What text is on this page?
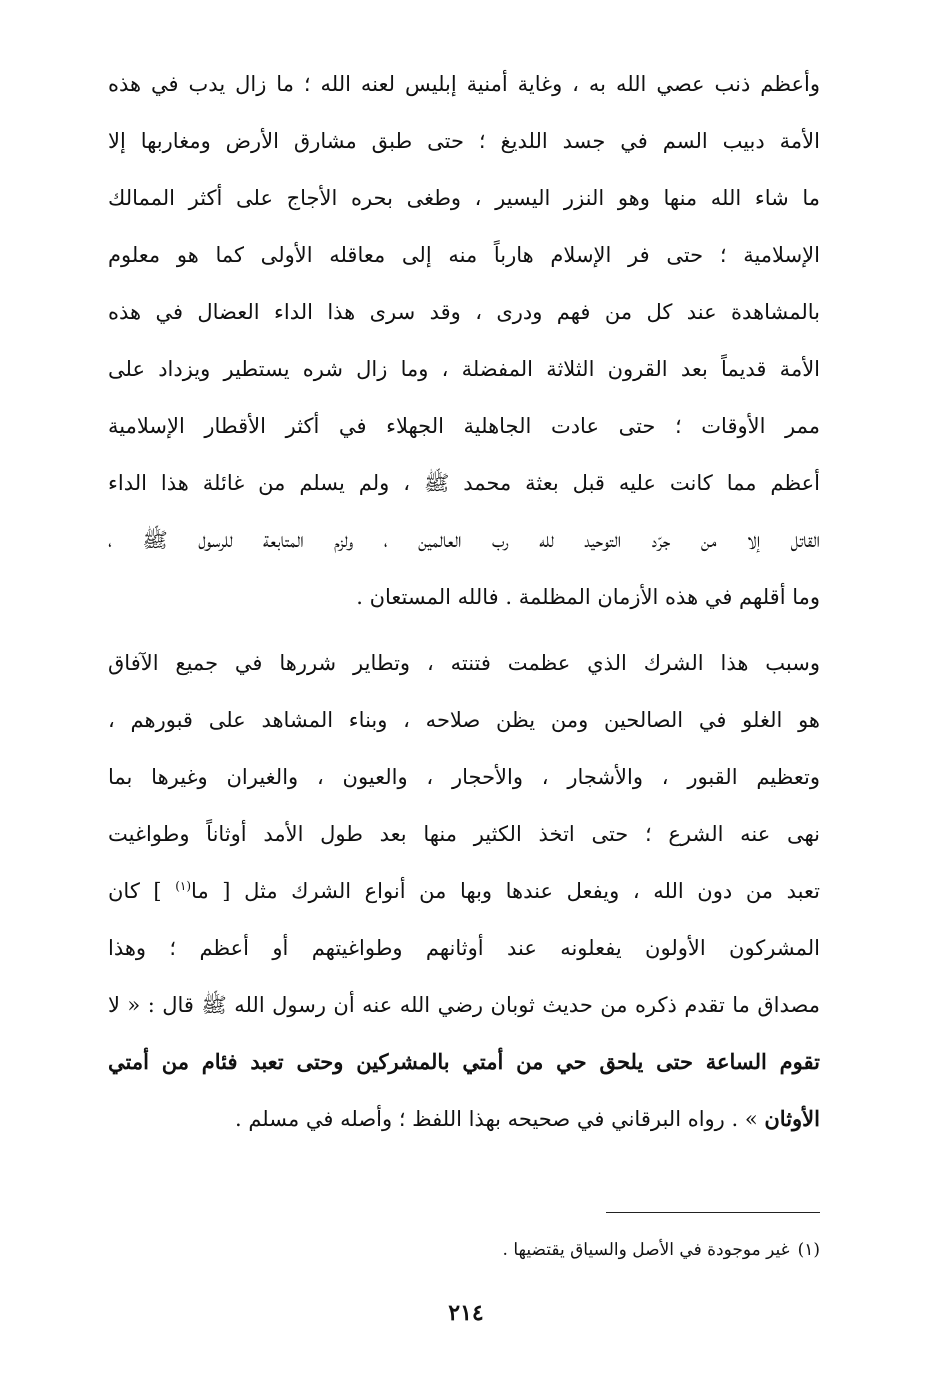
وأعظم ذنب عصي الله به ، وغاية أمنية إبليس لعنه الله ؛ ما زال يدب في هذه
الأمة دبيب السم في جسد اللديغ ؛ حتى طبق مشارق الأرض ومغاربها إلا
ما شاء الله منها وهو النزر اليسير ، وطغى بحره الأجاج على أكثر الممالك
الإسلامية ؛ حتى فر الإسلام هارباً منه إلى معاقله الأولى كما هو معلوم
بالمشاهدة عند كل من فهم ودرى ، وقد سرى هذا الداء العضال في هذه
الأمة قديماً بعد القرون الثلاثة المفضلة ، وما زال شره يستطير ويزداد على
ممر الأوقات ؛ حتى عادت الجاهلية الجهلاء في أكثر الأقطار الإسلامية
أعظم مما كانت عليه قبل بعثة محمد ﷺ ، ولم يسلم من غائلة هذا الداء
القاتل إلا من جرّد التوحيد لله رب العالمين ، ولزم المتابعة للرسول ﷺ ،
وما أقلهم في هذه الأزمان المظلمة . فالله المستعان .
وسبب هذا الشرك الذي عظمت فتنته ، وتطاير شررها في جميع الآفاق
هو الغلو في الصالحين ومن يظن صلاحه ، وبناء المشاهد على قبورهم ،
وتعظيم القبور ، والأشجار ، والأحجار ، والعيون ، والغيران وغيرها بما
نهى عنه الشرع ؛ حتى اتخذ الكثير منها بعد طول الأمد أوثاناً وطواغيت
تعبد من دون الله ، ويفعل عندها وبها من أنواع الشرك مثل [ ما$^{(١)}$ ] كان
المشركون الأولون يفعلونه عند أوثانهم وطواغيتهم أو أعظم ؛ وهذا
مصداق ما تقدم ذكره من حديث ثوبان رضي الله عنه أن رسول الله ﷺ قال : « لا
تقوم الساعة حتى يلحق حي من أمتي بالمشركين وحتى تعبد فئام من أمتي
الأوثان » . رواه البرقاني في صحيحه بهذا اللفظ ؛ وأصله في مسلم .
(١)غير موجودة في الأصل والسياق يقتضيها .
٢١٤
